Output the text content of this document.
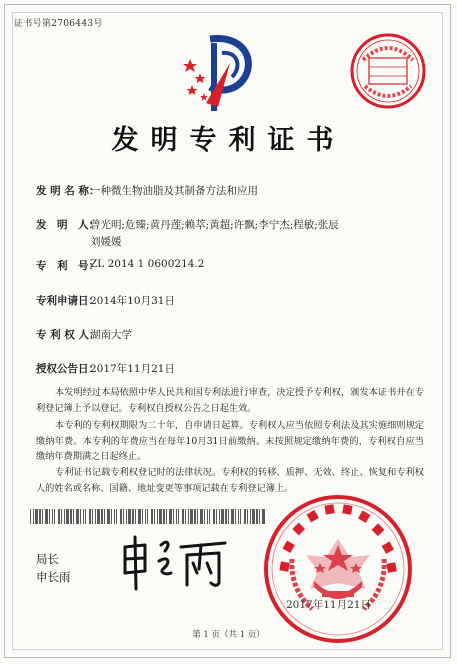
证书号第2706443号
发明专利证书
发 明 名 称：
一种微生物油脂及其制备方法和应用
发　明　人：
曾光明;危臻;黄丹莲;赖萃;黄超;许飘;李宁杰;程敏;张辰
刘媛媛
专　利　号：
ZL 2014 1 0600214.2
专利申请日：
2014年10月31日
专 利 权 人：
湖南大学
授权公告日：
2017年11月21日
本发明经过本局依照中华人民共和国专利法进行审查，决定授予专利权，颁发本证书并在专利登记簿上予以登记。专利权自授权公告之日起生效。
本专利的专利权期限为二十年，自申请日起算。专利权人应当依照专利法及其实施细则规定缴纳年费。本专利的年费应当在每年10月31日前缴纳。未按照规定缴纳年费的，专利权自应当缴纳年费期满之日起终止。
专利证书记载专利权登记时的法律状况。专利权的转移、质押、无效、终止、恢复和专利权人的姓名或名称、国籍、地址变更等事项记载在专利登记簿上。
局长
申长雨
2017年11月21日
第 1 页（共 1 页）
